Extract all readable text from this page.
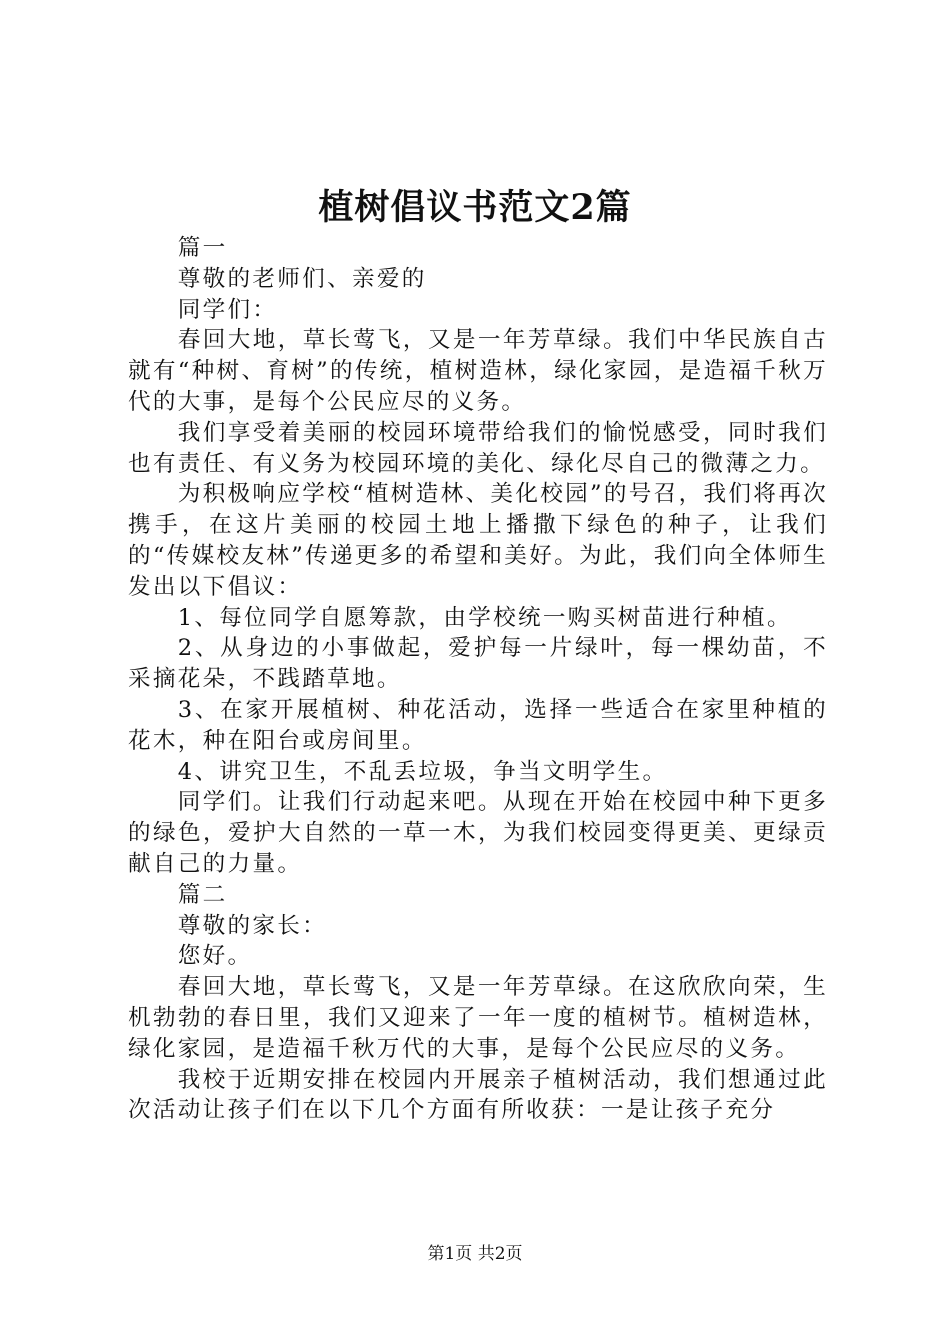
植树倡议书范文2篇

篇一

尊敬的老师们、亲爱的

同学们：

春回大地，草长莺飞，又是一年芳草绿。我们中华民族自古就有“种树、育树”的传统，植树造林，绿化家园，是造福千秋万代的大事，是每个公民应尽的义务。

我们享受着美丽的校园环境带给我们的愉悦感受，同时我们也有责任、有义务为校园环境的美化、绿化尽自己的微薄之力。

为积极响应学校“植树造林、美化校园”的号召，我们将再次携手，在这片美丽的校园土地上播撒下绿色的种子，让我们的“传媒校友林”传递更多的希望和美好。为此，我们向全体师生发出以下倡议：

1、每位同学自愿筹款，由学校统一购买树苗进行种植。

2、从身边的小事做起，爱护每一片绿叶，每一棵幼苗，不采摘花朵，不践踏草地。

3、在家开展植树、种花活动，选择一些适合在家里种植的花木，种在阳台或房间里。

4、讲究卫生，不乱丢垃圾，争当文明学生。

同学们。让我们行动起来吧。从现在开始在校园中种下更多的绿色，爱护大自然的一草一木，为我们校园变得更美、更绿贡献自己的力量。

篇二

尊敬的家长：

您好。

春回大地，草长莺飞，又是一年芳草绿。在这欣欣向荣，生机勃勃的春日里，我们又迎来了一年一度的植树节。植树造林，绿化家园，是造福千秋万代的大事，是每个公民应尽的义务。

我校于近期安排在校园内开展亲子植树活动，我们想通过此次活动让孩子们在以下几个方面有所收获：一是让孩子充分

第1页 共2页
